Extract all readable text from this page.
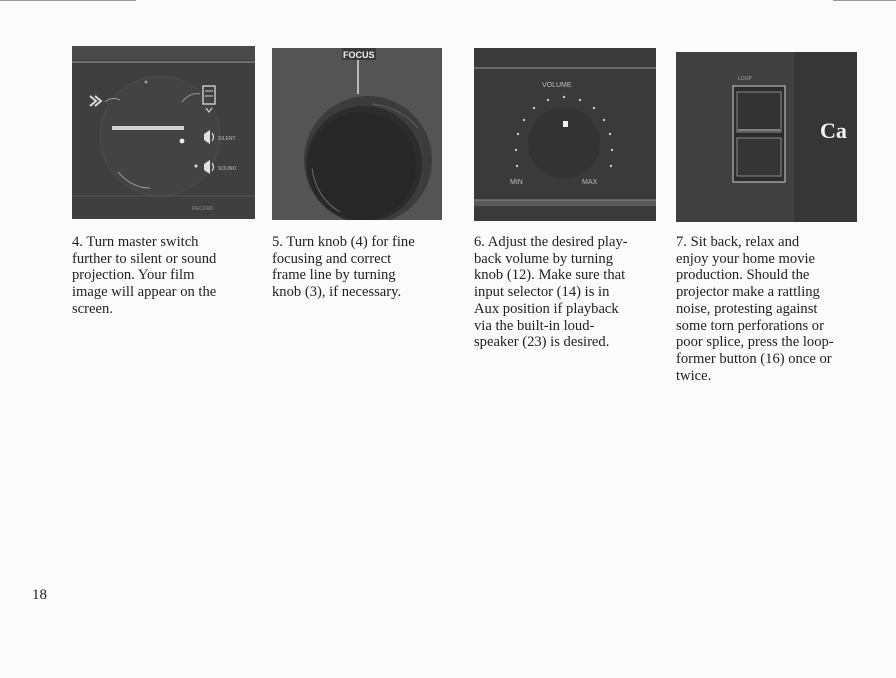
SILENT
SOUND
RECORD
FOCUS
VOLUME
MIN	MAX
LOOP
Ca
4. Turn master switch
further to silent or sound
projection. Your film
image will appear on the
screen.
5. Turn knob (4) for fine
focusing and correct
frame line by turning
knob (3), if necessary.
6. Adjust the desired play-
back volume by turning
knob (12). Make sure that
input selector (14) is in
Aux position if playback
via the built-in loud-
speaker (23) is desired.
7. Sit back, relax and
enjoy your home movie
production. Should the
projector make a rattling
noise, protesting against
some torn perforations or
poor splice, press the loop-
former button (16) once or
twice.
18
